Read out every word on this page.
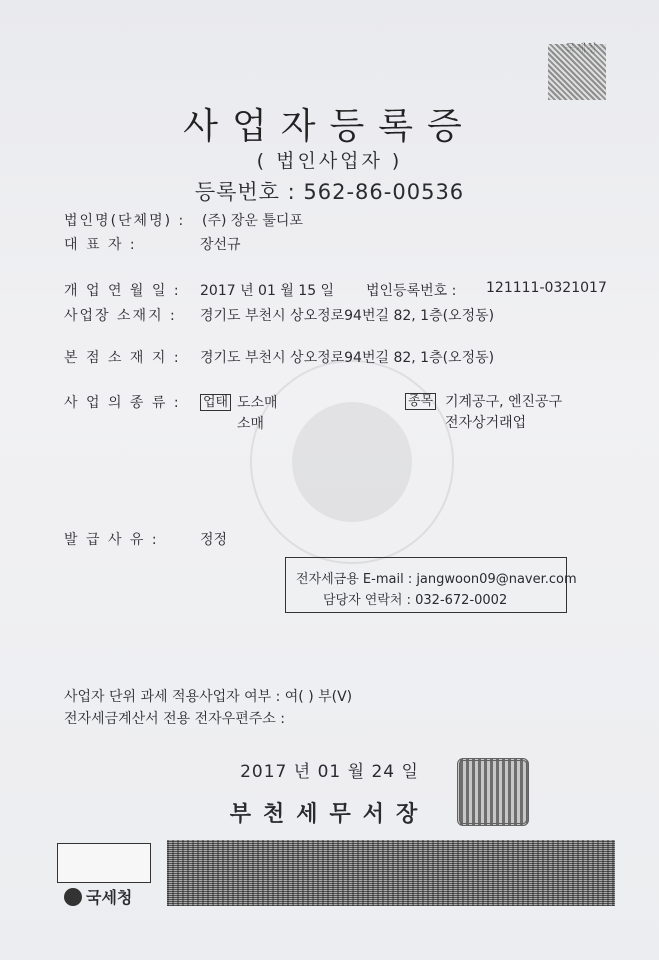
사업자등록증
( 법인사업자 )
등록번호 : 562-86-00536
법인명(단체명) : (주) 장운 툴디포
대 표 자 :	장선규
개 업 연 월 일 : 2017 년 01 월 15 일 법인등록번호 : 121111-0321017
사업장 소재지 : 경기도 부천시 상오정로94번길 82, 1층(오정동)
본 점 소 재 지 : 경기도 부천시 상오정로94번길 82, 1층(오정동)
사 업 의 종 류 : 업태 도소매
소매
종목 기계공구, 엔진공구
전자상거래업
발 급 사 유 :	정정
전자세금용 E-mail : jangwoon09@naver.com
담당자 연락처 : 032-672-0002
사업자 단위 과세 적용사업자 여부 : 여( ) 부(V)
전자세금계산서 전용 전자우편주소 :
2017 년 01 월 24 일
부천세무서장
국세청
